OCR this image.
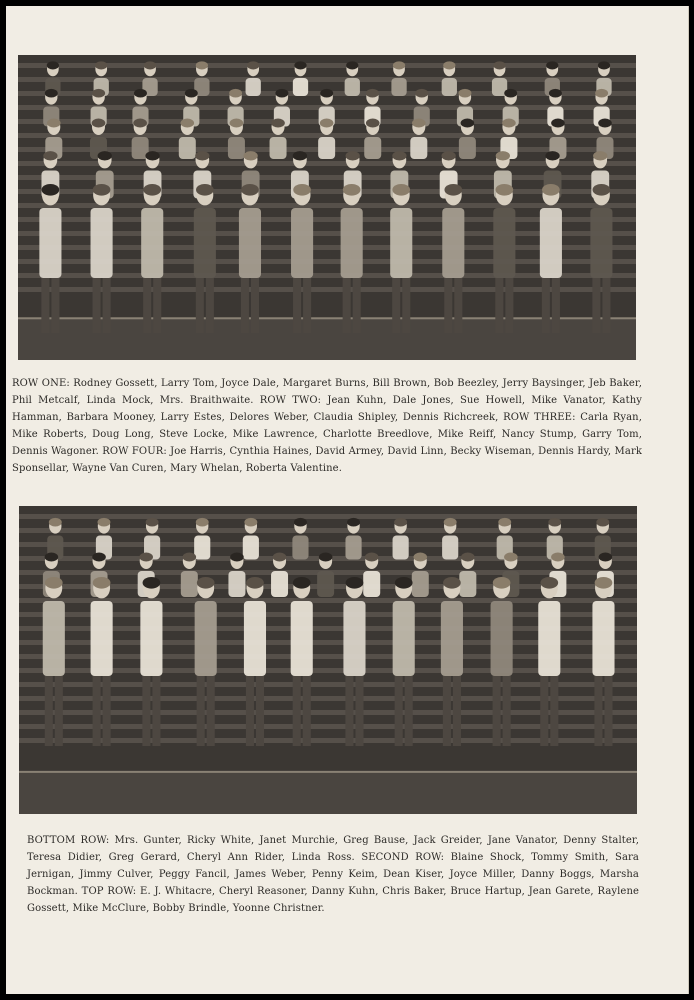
ROW ONE: Rodney Gossett, Larry Tom, Joyce Dale, Margaret Burns, Bill Brown, Bob Beezley, Jerry Baysinger, Jeb Baker, Phil Metcalf, Linda Mock, Mrs. Braithwaite. ROW TWO: Jean Kuhn, Dale Jones, Sue Howell, Mike Vanator, Kathy Hamman, Barbara Mooney, Larry Estes, Delores Weber, Claudia Shipley, Dennis Richcreek, ROW THREE: Carla Ryan, Mike Roberts, Doug Long, Steve Locke, Mike Lawrence, Charlotte Breedlove, Mike Reiff, Nancy Stump, Garry Tom, Dennis Wagoner. ROW FOUR: Joe Harris, Cynthia Haines, David Armey, David Linn, Becky Wiseman, Dennis Hardy, Mark Sponsellar, Wayne Van Curen, Mary Whelan, Roberta Valentine.
BOTTOM ROW: Mrs. Gunter, Ricky White, Janet Murchie, Greg Bause, Jack Greider, Jane Vanator, Denny Stalter, Teresa Didier, Greg Gerard, Cheryl Ann Rider, Linda Ross. SECOND ROW: Blaine Shock, Tommy Smith, Sara Jernigan, Jimmy Culver, Peggy Fancil, James Weber, Penny Keim, Dean Kiser, Joyce Miller, Danny Boggs, Marsha Bockman. TOP ROW: E. J. Whitacre, Cheryl Reasoner, Danny Kuhn, Chris Baker, Bruce Hartup, Jean Garete, Raylene Gossett, Mike McClure, Bobby Brindle, Yoonne Christner.
